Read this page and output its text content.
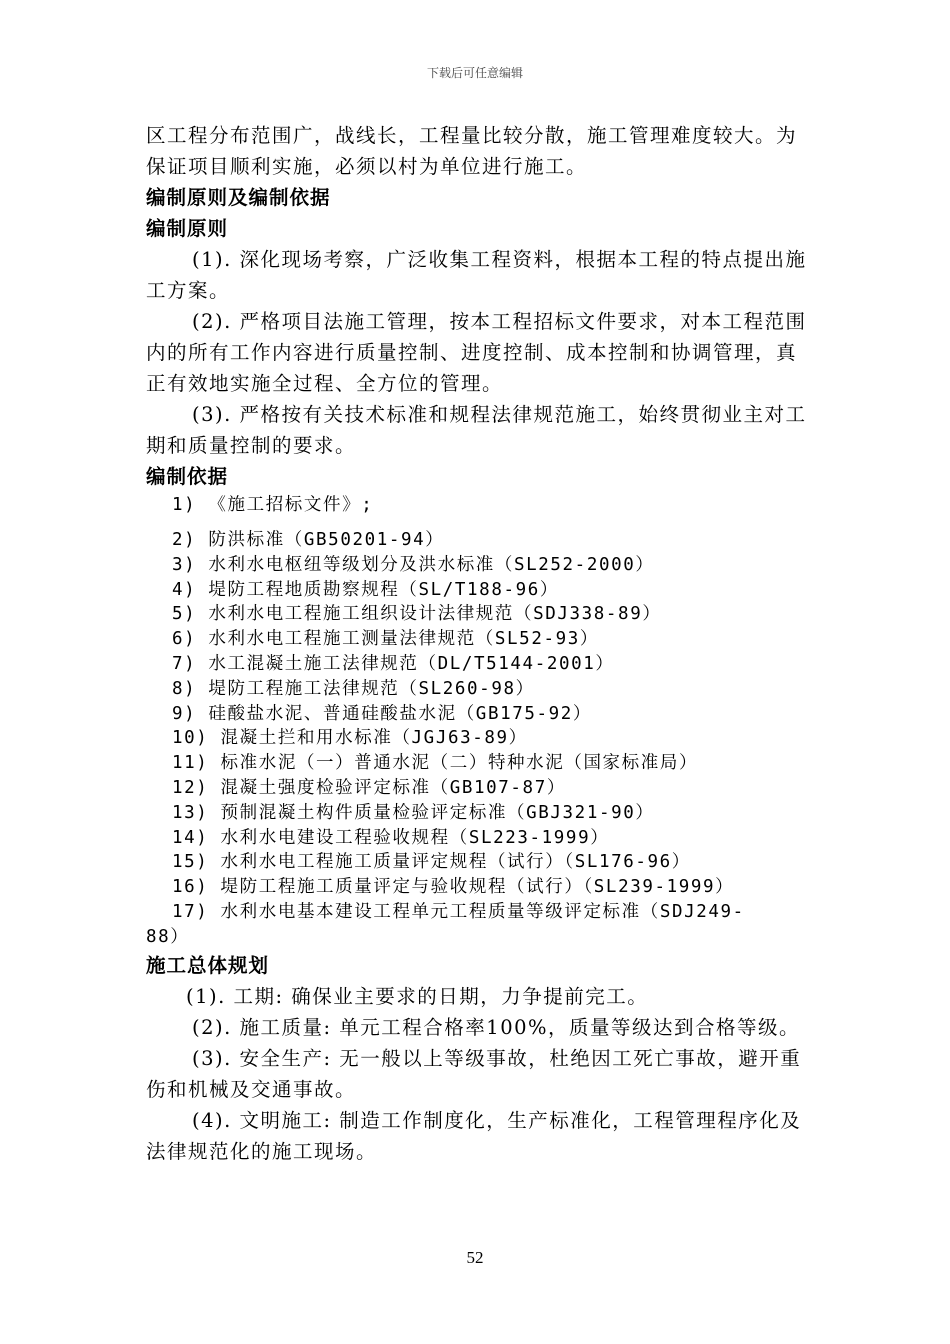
下载后可任意编辑

区工程分布范围广，战线长，工程量比较分散，施工管理难度较大。为保证项目顺利实施，必须以村为单位进行施工。

编制原则及编制依据

编制原则

(1). 深化现场考察，广泛收集工程资料，根据本工程的特点提出施工方案。

(2). 严格项目法施工管理，按本工程招标文件要求，对本工程范围内的所有工作内容进行质量控制、进度控制、成本控制和协调管理，真正有效地实施全过程、全方位的管理。

(3). 严格按有关技术标准和规程法律规范施工，始终贯彻业主对工期和质量控制的要求。

编制依据

1) 《施工招标文件》;
2) 防洪标准（GB50201-94）
3) 水利水电枢纽等级划分及洪水标准（SL252-2000）
4) 堤防工程地质勘察规程（SL/T188-96）
5) 水利水电工程施工组织设计法律规范（SDJ338-89）
6) 水利水电工程施工测量法律规范（SL52-93）
7) 水工混凝土施工法律规范（DL/T5144-2001）
8) 堤防工程施工法律规范（SL260-98）
9) 硅酸盐水泥、普通硅酸盐水泥（GB175-92）
10) 混凝土拦和用水标准（JGJ63-89）
11) 标准水泥（一）普通水泥（二）特种水泥（国家标准局）
12) 混凝土强度检验评定标准（GB107-87）
13) 预制混凝土构件质量检验评定标准（GBJ321-90）
14) 水利水电建设工程验收规程（SL223-1999）
15) 水利水电工程施工质量评定规程（试行）（SL176-96）
16) 堤防工程施工质量评定与验收规程（试行）（SL239-1999）
17) 水利水电基本建设工程单元工程质量等级评定标准（SDJ249-
88）

施工总体规划

(1). 工期: 确保业主要求的日期，力争提前完工。

(2). 施工质量: 单元工程合格率100%，质量等级达到合格等级。

(3). 安全生产: 无一般以上等级事故，杜绝因工死亡事故，避开重伤和机械及交通事故。

(4). 文明施工: 制造工作制度化，生产标准化，工程管理程序化及法律规范化的施工现场。

52
